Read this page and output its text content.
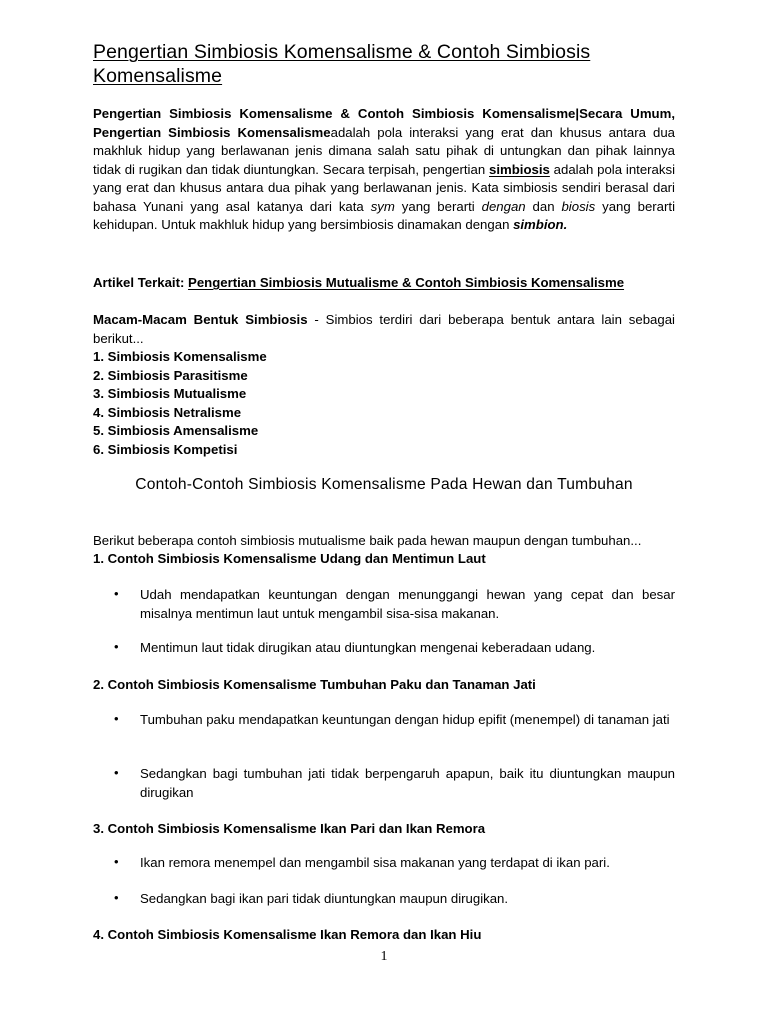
Pengertian Simbiosis Komensalisme & Contoh Simbiosis Komensalisme
Pengertian Simbiosis Komensalisme & Contoh Simbiosis Komensalisme|Secara Umum, Pengertian Simbiosis Komensalismeadalah pola interaksi yang erat dan khusus antara dua makhluk hidup yang berlawanan jenis dimana salah satu pihak di untungkan dan pihak lainnya tidak di rugikan dan tidak diuntungkan. Secara terpisah, pengertian simbiosis adalah pola interaksi yang erat dan khusus antara dua pihak yang berlawanan jenis. Kata simbiosis sendiri berasal dari bahasa Yunani yang asal katanya dari kata sym yang berarti dengan dan biosis yang berarti kehidupan. Untuk makhluk hidup yang bersimbiosis dinamakan dengan simbion.
Artikel Terkait: Pengertian Simbiosis Mutualisme & Contoh Simbiosis Komensalisme
Macam-Macam Bentuk Simbiosis - Simbios terdiri dari beberapa bentuk antara lain sebagai berikut...
1. Simbiosis Komensalisme
2. Simbiosis Parasitisme
3. Simbiosis Mutualisme
4. Simbiosis Netralisme
5. Simbiosis Amensalisme
6. Simbiosis Kompetisi
Contoh-Contoh Simbiosis Komensalisme Pada Hewan dan Tumbuhan
Berikut beberapa contoh simbiosis mutualisme baik pada hewan maupun dengan tumbuhan...
1. Contoh Simbiosis Komensalisme Udang dan Mentimun Laut
•	Udah mendapatkan keuntungan dengan menunggangi hewan yang cepat dan besar misalnya mentimun laut untuk mengambil sisa-sisa makanan.
•	Mentimun laut tidak dirugikan atau diuntungkan mengenai keberadaan udang.
2. Contoh Simbiosis Komensalisme Tumbuhan Paku dan Tanaman Jati
•	Tumbuhan paku mendapatkan keuntungan dengan hidup epifit (menempel) di tanaman jati
•	Sedangkan bagi tumbuhan jati tidak berpengaruh apapun, baik itu diuntungkan maupun dirugikan
3. Contoh Simbiosis Komensalisme Ikan Pari dan Ikan Remora
•	Ikan remora menempel dan mengambil sisa makanan yang terdapat di ikan pari.
•	Sedangkan bagi ikan pari tidak diuntungkan maupun dirugikan.
4. Contoh Simbiosis Komensalisme Ikan Remora dan Ikan Hiu
1
